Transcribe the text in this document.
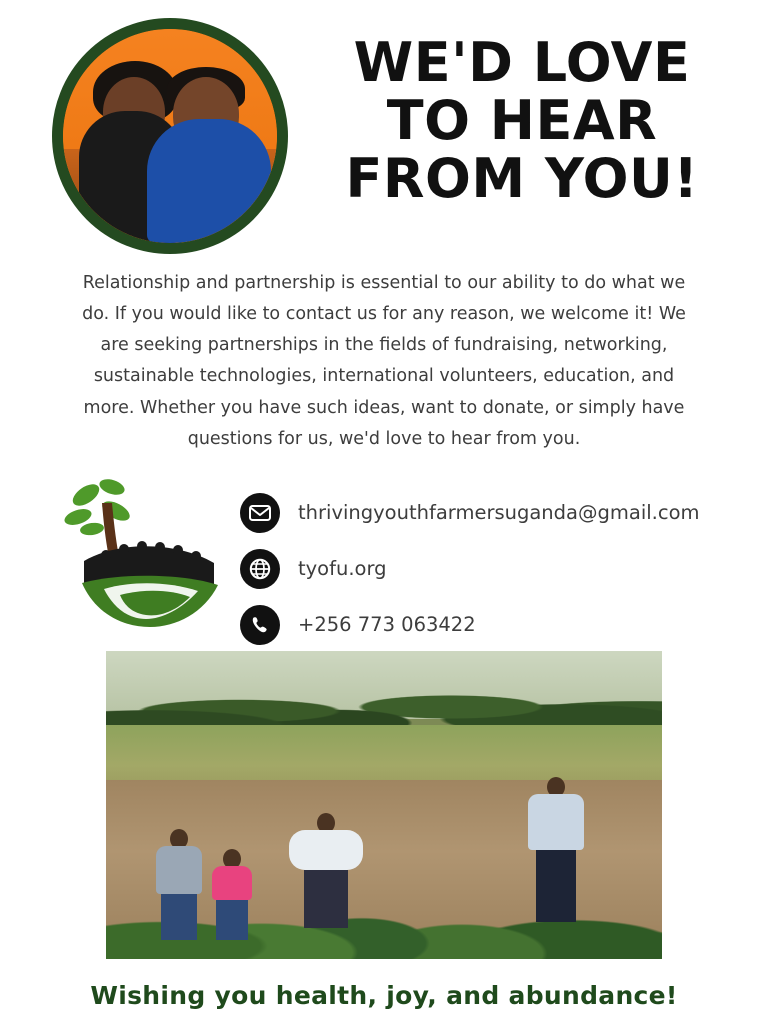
WE'D LOVE
TO HEAR
FROM YOU!

Relationship and partnership is essential to our ability to do what we do. If you would like to contact us for any reason, we welcome it! We are seeking partnerships in the fields of fundraising, networking, sustainable technologies, international volunteers, education, and more. Whether you have such ideas, want to donate, or simply have questions for us, we'd love to hear from you.

thrivingyouthfarmersuganda@gmail.com
tyofu.org
+256 773 063422
Wishing you health, joy, and abundance!
